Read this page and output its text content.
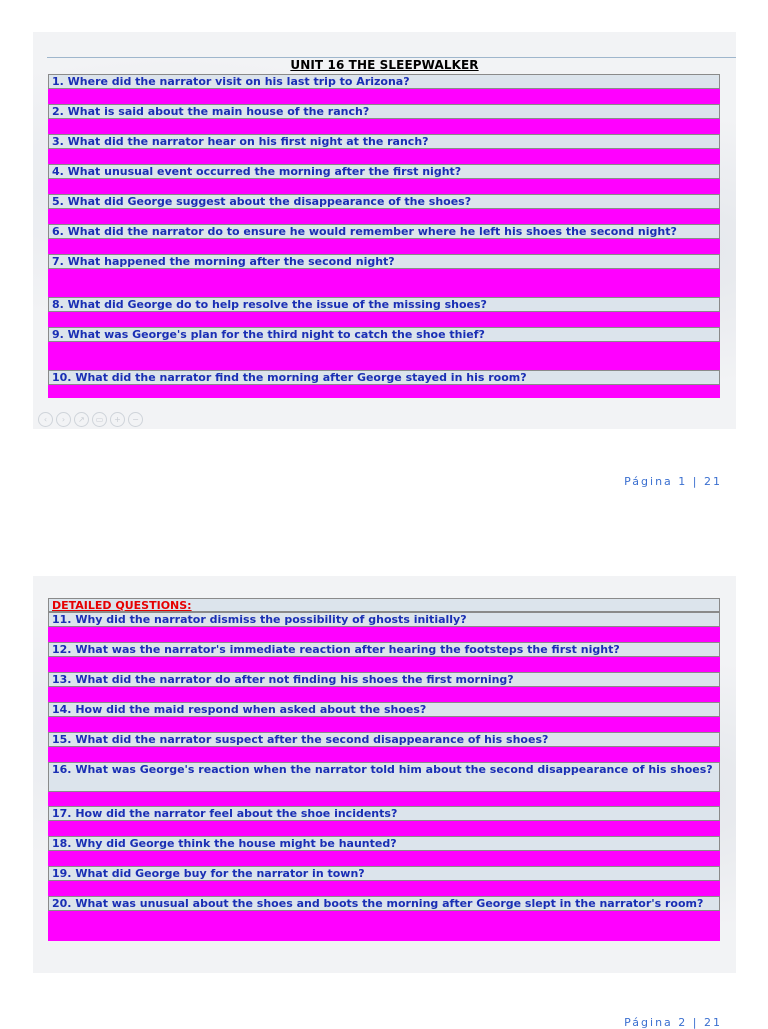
UNIT 16 THE SLEEPWALKER
1. Where did the narrator visit on his last trip to Arizona?
2. What is said about the main house of the ranch?
3. What did the narrator hear on his first night at the ranch?
4. What unusual event occurred the morning after the first night?
5. What did George suggest about the disappearance of the shoes?
6. What did the narrator do to ensure he would remember where he left his shoes the second night?
7. What happened the morning after the second night?
8. What did George do to help resolve the issue of the missing shoes?
9. What was George's plan for the third night to catch the shoe thief?
10. What did the narrator find the morning after George stayed in his room?
‹	›	↗	▭	+	−
Página 1 | 21
DETAILED QUESTIONS:
11. Why did the narrator dismiss the possibility of ghosts initially?
12. What was the narrator's immediate reaction after hearing the footsteps the first night?
13. What did the narrator do after not finding his shoes the first morning?
14. How did the maid respond when asked about the shoes?
15. What did the narrator suspect after the second disappearance of his shoes?
16. What was George's reaction when the narrator told him about the second disappearance of his shoes?
17. How did the narrator feel about the shoe incidents?
18. Why did George think the house might be haunted?
19. What did George buy for the narrator in town?
20. What was unusual about the shoes and boots the morning after George slept in the narrator's room?
Página 2 | 21
